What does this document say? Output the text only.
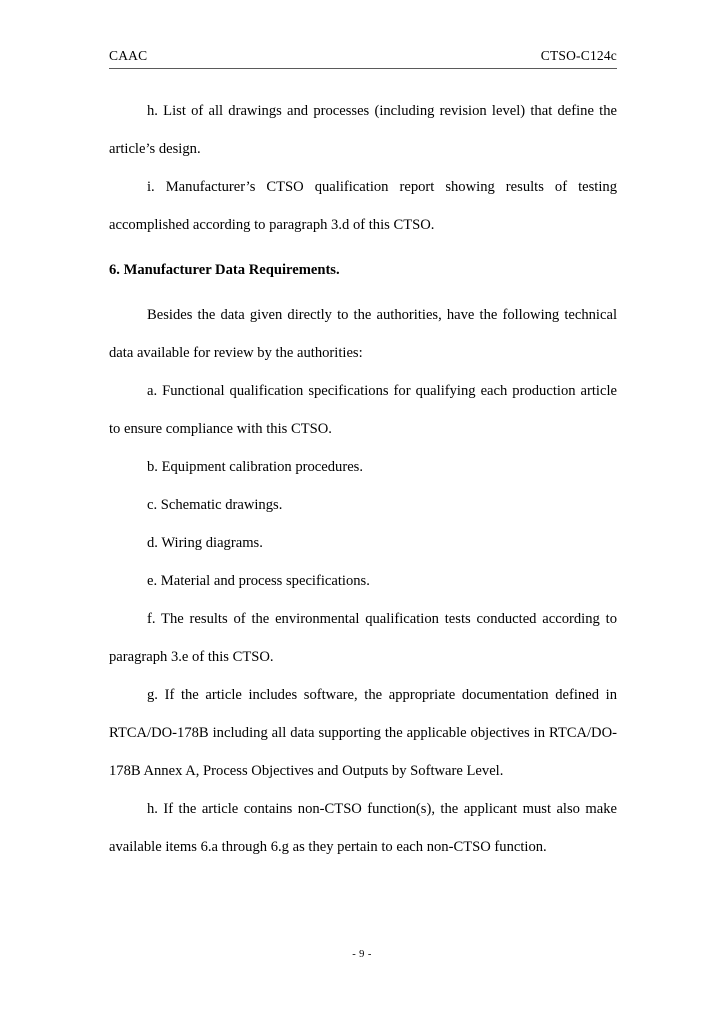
CAAC	CTSO-C124c

h. List of all drawings and processes (including revision level) that define the article’s design.

i. Manufacturer’s CTSO qualification report showing results of testing accomplished according to paragraph 3.d of this CTSO.

6. Manufacturer Data Requirements.

Besides the data given directly to the authorities, have the following technical data available for review by the authorities:

a. Functional qualification specifications for qualifying each production article to ensure compliance with this CTSO.

b. Equipment calibration procedures.

c. Schematic drawings.

d. Wiring diagrams.

e. Material and process specifications.

f. The results of the environmental qualification tests conducted according to paragraph 3.e of this CTSO.

g. If the article includes software, the appropriate documentation defined in RTCA/DO-178B including all data supporting the applicable objectives in RTCA/DO-178B Annex A, Process Objectives and Outputs by Software Level.

h. If the article contains non-CTSO function(s), the applicant must also make available items 6.a through 6.g as they pertain to each non-CTSO function.

- 9 -
